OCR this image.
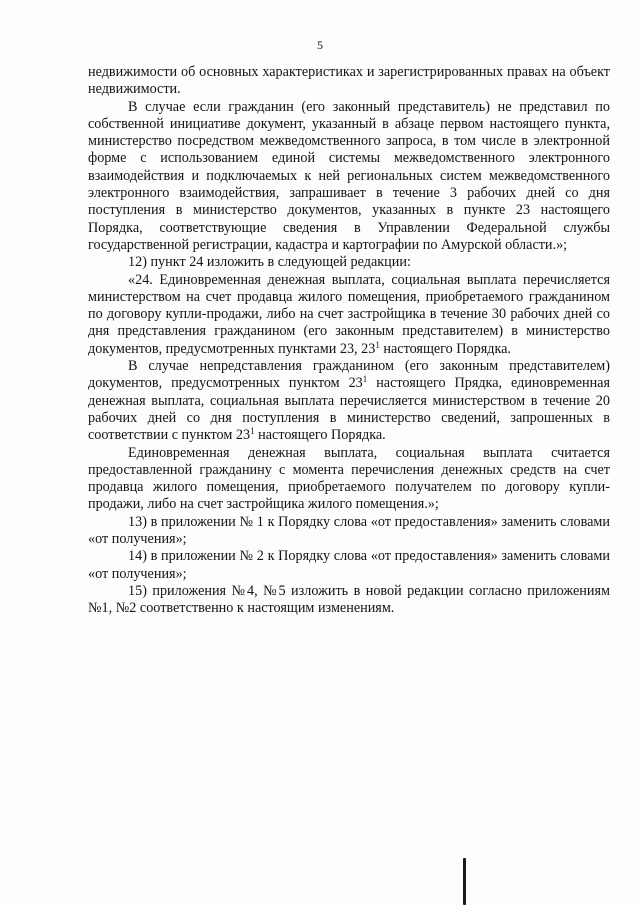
5

недвижимости об основных характеристиках и зарегистрированных правах на объект недвижимости.

В случае если гражданин (его законный представитель) не представил по собственной инициативе документ, указанный в абзаце первом настоящего пункта, министерство посредством межведомственного запроса, в том числе в электронной форме с использованием единой системы межведомственного электронного взаимодействия и подключаемых к ней региональных систем межведомственного электронного взаимодействия, запрашивает в течение 3 рабочих дней со дня поступления в министерство документов, указанных в пункте 23 настоящего Порядка, соответствующие сведения в Управлении Федеральной службы государственной регистрации, кадастра и картографии по Амурской области.»;

12) пункт 24 изложить в следующей редакции:

«24. Единовременная денежная выплата, социальная выплата перечисляется министерством на счет продавца жилого помещения, приобретаемого гражданином по договору купли-продажи, либо на счет застройщика в течение 30 рабочих дней со дня представления гражданином (его законным представителем) в министерство документов, предусмотренных пунктами 23, $23^1$ настоящего Порядка.

В случае непредставления гражданином (его законным представителем) документов, предусмотренных пунктом $23^1$ настоящего Прядка, единовременная денежная выплата, социальная выплата перечисляется министерством в течение 20 рабочих дней со дня поступления в министерство сведений, запрошенных в соответствии с пунктом $23^1$ настоящего Порядка.

Единовременная денежная выплата, социальная выплата считается предоставленной гражданину с момента перечисления денежных средств на счет продавца жилого помещения, приобретаемого получателем по договору купли-продажи, либо на счет застройщика жилого помещения.»;

13) в приложении № 1 к Порядку слова «от предоставления» заменить словами «от получения»;

14) в приложении № 2 к Порядку слова «от предоставления» заменить словами «от получения»;

15) приложения №4, №5 изложить в новой редакции согласно приложениям №1, №2 соответственно к настоящим изменениям.
